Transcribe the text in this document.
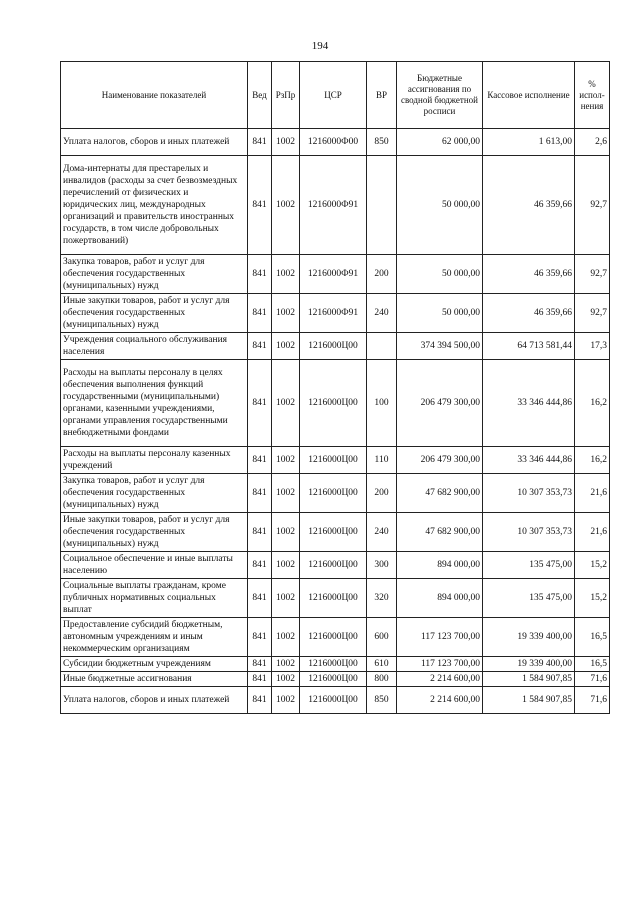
194
Наименование показателей	Вед	РзПр	ЦСР	ВР	Бюджетные ассигнования по сводной бюджетной росписи	Кассовое исполнение	% испол-нения
Уплата налогов, сборов и иных платежей	841	1002	1216000Ф00	850	62 000,00	1 613,00	2,6
Дома-интернаты для престарелых и инвалидов (расходы за счет безвозмездных перечислений от физических и юридических лиц, международных организаций и правительств иностранных государств, в том числе добровольных пожертвований)	841	1002	1216000Ф91		50 000,00	46 359,66	92,7
Закупка товаров, работ и услуг для обеспечения государственных (муниципальных) нужд	841	1002	1216000Ф91	200	50 000,00	46 359,66	92,7
Иные закупки товаров, работ и услуг для обеспечения государственных (муниципальных) нужд	841	1002	1216000Ф91	240	50 000,00	46 359,66	92,7
Учреждения социального обслуживания населения	841	1002	1216000Ц00		374 394 500,00	64 713 581,44	17,3
Расходы на выплаты персоналу в целях обеспечения выполнения функций государственными (муниципальными) органами, казенными учреждениями, органами управления государственными внебюджетными фондами	841	1002	1216000Ц00	100	206 479 300,00	33 346 444,86	16,2
Расходы на выплаты персоналу казенных учреждений	841	1002	1216000Ц00	110	206 479 300,00	33 346 444,86	16,2
Закупка товаров, работ и услуг для обеспечения государственных (муниципальных) нужд	841	1002	1216000Ц00	200	47 682 900,00	10 307 353,73	21,6
Иные закупки товаров, работ и услуг для обеспечения государственных (муниципальных) нужд	841	1002	1216000Ц00	240	47 682 900,00	10 307 353,73	21,6
Социальное обеспечение и иные выплаты населению	841	1002	1216000Ц00	300	894 000,00	135 475,00	15,2
Социальные выплаты гражданам, кроме публичных нормативных социальных выплат	841	1002	1216000Ц00	320	894 000,00	135 475,00	15,2
Предоставление субсидий бюджетным, автономным учреждениям и иным некоммерческим организациям	841	1002	1216000Ц00	600	117 123 700,00	19 339 400,00	16,5
Субсидии бюджетным учреждениям	841	1002	1216000Ц00	610	117 123 700,00	19 339 400,00	16,5
Иные бюджетные ассигнования	841	1002	1216000Ц00	800	2 214 600,00	1 584 907,85	71,6
Уплата налогов, сборов и иных платежей	841	1002	1216000Ц00	850	2 214 600,00	1 584 907,85	71,6
